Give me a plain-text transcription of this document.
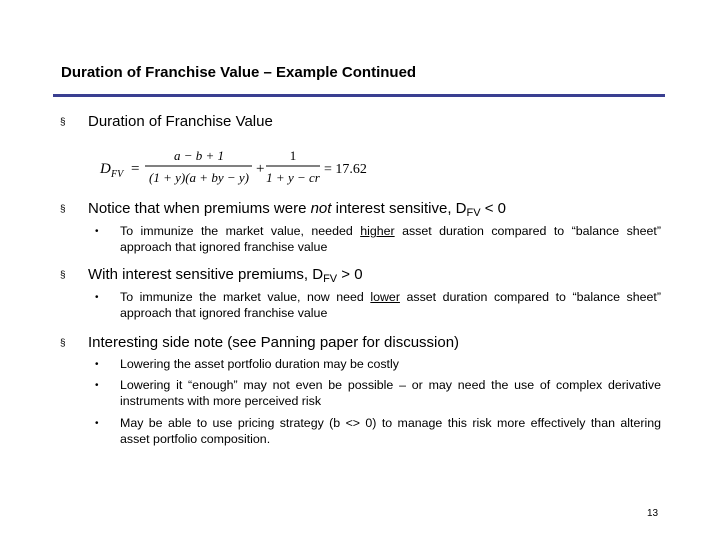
Duration of Franchise Value – Example Continued
§ Duration of Franchise Value
D FV =
a − b + 1
(1 + y)(a + by − y)
+
1
1 + y − cr
= 17.62
§ Notice that when premiums were not interest sensitive, $D_{FV} < 0$
• To immunize the market value, needed higher asset duration compared to “balance sheet” approach that ignored franchise value
§ With interest sensitive premiums, $D_{FV} > 0$
• To immunize the market value, now need lower asset duration compared to “balance sheet” approach that ignored franchise value
§ Interesting side note (see Panning paper for discussion)
• Lowering the asset portfolio duration may be costly
• Lowering it “enough” may not even be possible – or may need the use of complex derivative instruments with more perceived risk
• May be able to use pricing strategy (b <> 0) to manage this risk more effectively than altering asset portfolio composition.
13
